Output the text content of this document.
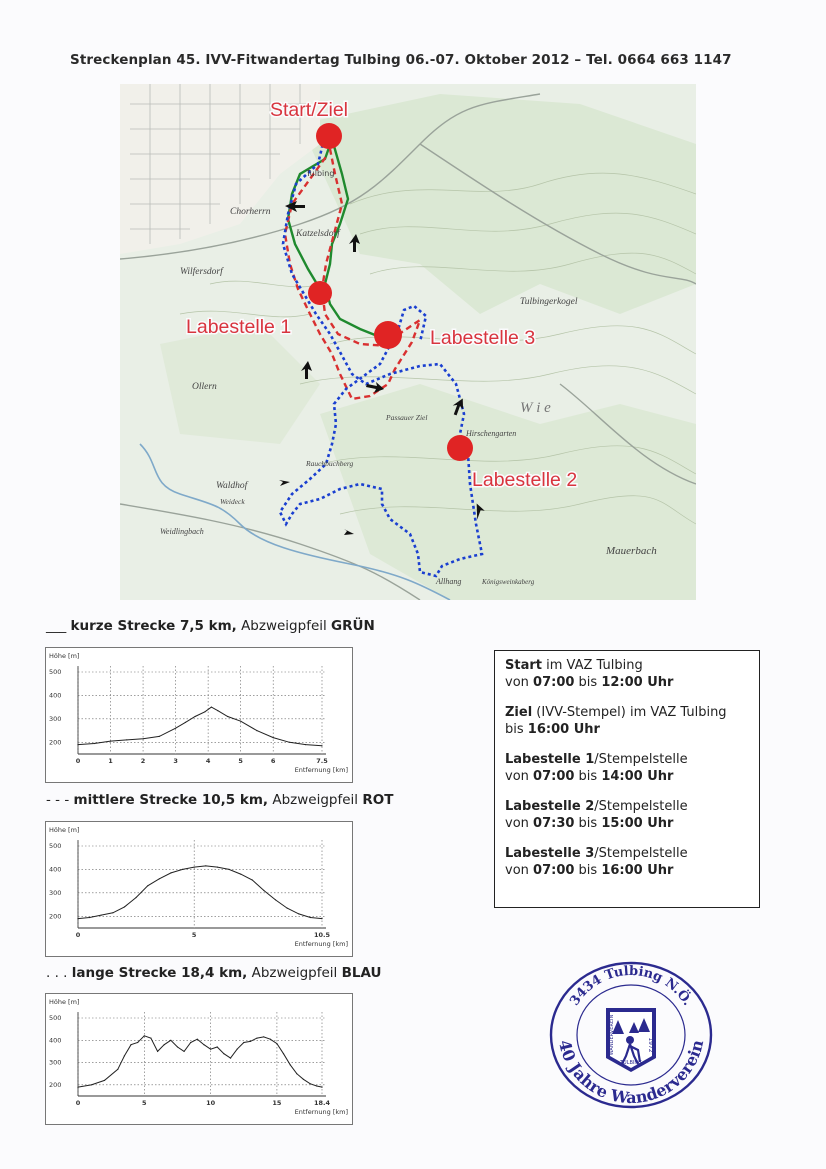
Streckenplan 45. IVV-Fitwandertag Tulbing 06.-07. Oktober 2012 – Tel. 0664 663 1147
Chorherrn
Katzelsdorf
Wilfersdorf
Ollern
Waldhof
Tulbingerkogel
Mauerbach
Passauer Ziel
Hirschengarten
Rauchbuchberg
W i e
Weidlingbach
Weideck
Allhang	Königsweinkaberg
Tulbing
Start/Ziel
Labestelle 1	Labestelle 3
Labestelle 2
___ kurze Strecke 7,5 km, Abzweigpfeil GRÜN
Höhe [m]
200
300
400
500
0	1	2	3	4	5	6	7.5
Entfernung [km]
- - - mittlere Strecke 10,5 km, Abzweigpfeil ROT
Höhe [m]
200
300
400
500
0	5	10.5
Entfernung [km]
. . . lange Strecke 18,4 km, Abzweigpfeil BLAU
Höhe [m]
200
300
400
500
0	5	10	15	18.4
Entfernung [km]

Start im VAZ Tulbing
von 07:00 bis 12:00 Uhr

Ziel (IVV-Stempel) im VAZ Tulbing
bis 16:00 Uhr

Labestelle 1/Stempelstelle
von 07:00 bis 14:00 Uhr

Labestelle 2/Stempelstelle
von 07:30 bis 15:00 Uhr

Labestelle 3/Stempelstelle
von 07:00 bis 16:00 Uhr

3434 Tulbing N.Ö.
40 Jahre Wanderverein
WANDERVEREIN	1972
TULBING
